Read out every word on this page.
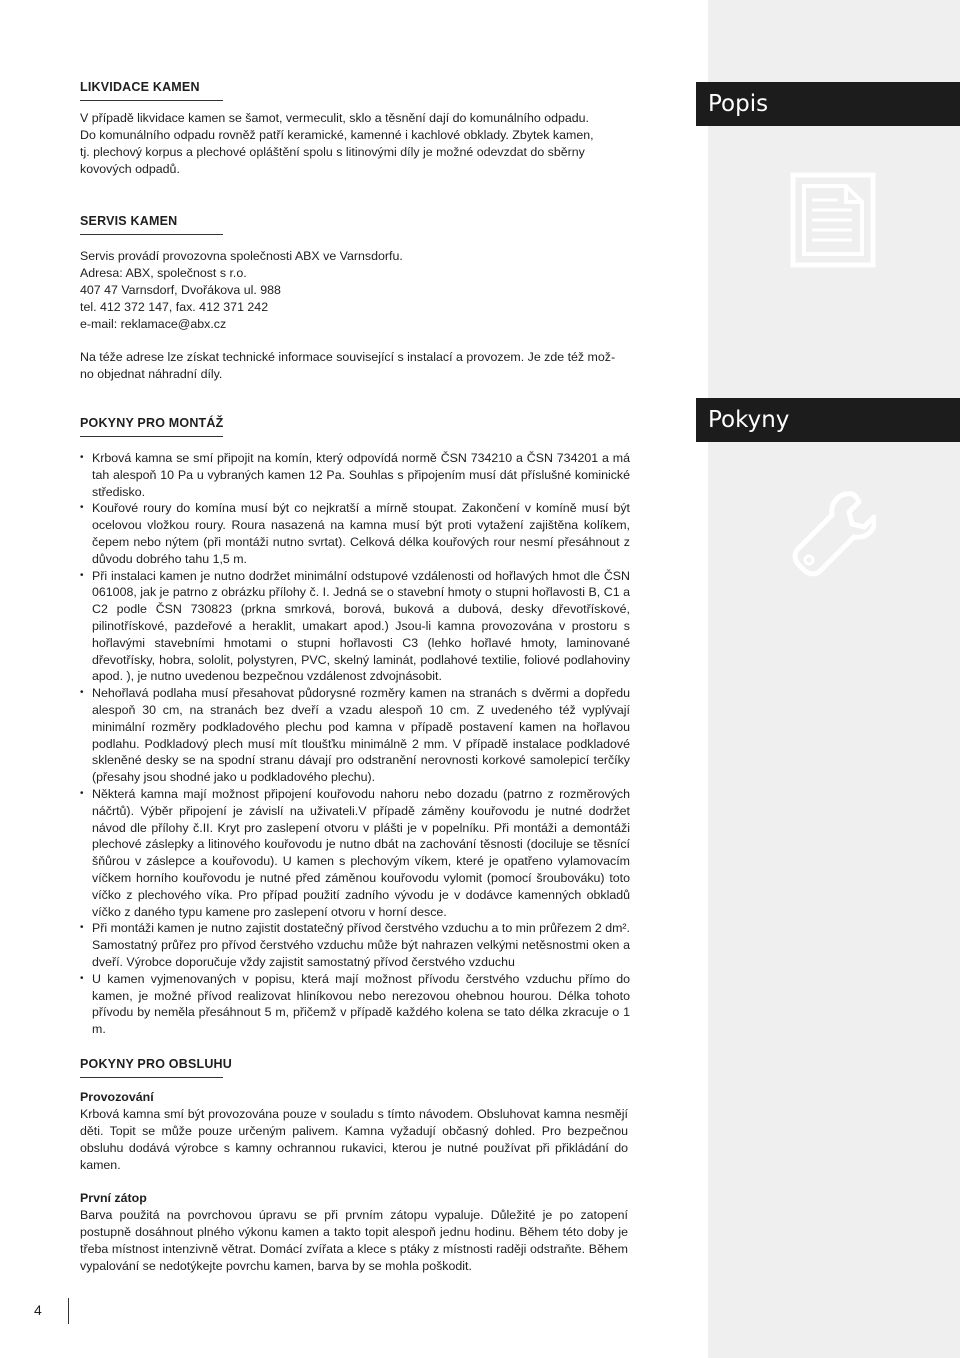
Popis
Pokyny
LIKVIDACE KAMEN

V případě likvidace kamen se šamot, vermeculit, sklo a těsnění dají do komunálního odpadu.
Do komunálního odpadu rovněž patří keramické, kamenné i kachlové obklady. Zbytek kamen,
tj. plechový korpus a plechové opláštění spolu s litinovými díly je možné odevzdat do sběrny
kovových odpadů.

SERVIS KAMEN

Servis provádí provozovna společnosti ABX ve Varnsdorfu.
Adresa: ABX, společnost s r.o.
407 47 Varnsdorf, Dvořákova ul. 988
tel. 412 372 147, fax. 412 371 242
e-mail: reklamace@abx.cz

Na téže adrese lze získat technické informace související s instalací a provozem. Je zde též mož-
no objednat náhradní díly.

POKYNY PRO MONTÁŽ
• Krbová kamna se smí připojit na komín, který odpovídá normě ČSN 734210 a ČSN 734201 a má tah alespoň 10 Pa u vybraných kamen 12 Pa. Souhlas s připojením musí dát příslušné kominické středisko.
• Kouřové roury do komína musí být co nejkratší a mírně stoupat. Zakončení v komíně musí být ocelovou vložkou roury. Roura nasazená na kamna musí být proti vytažení zajištěna kolíkem, čepem nebo nýtem (při montáži nutno svrtat). Celková délka kouřových rour nesmí přesáhnout z důvodu dobrého tahu 1,5 m.
• Při instalaci kamen je nutno dodržet minimální odstupové vzdálenosti od hořlavých hmot dle ČSN 061008, jak je patrno z obrázku přílohy č. I. Jedná se o stavební hmoty o stupni hořlavosti B, C1 a C2 podle ČSN 730823 (prkna smrková, borová, buková a dubová, desky dřevotřískové, pilinotřískové, pazdeřové a heraklit, umakart apod.) Jsou-li kamna provozována v prostoru s hořlavými stavebními hmotami o stupni hořlavosti C3 (lehko hořlavé hmoty, laminované dřevotřísky, hobra, sololit, polystyren, PVC, skelný laminát, podlahové textilie, foliové podlahoviny apod. ), je nutno uvedenou bezpečnou vzdálenost zdvojnásobit.
• Nehořlavá podlaha musí přesahovat půdorysné rozměry kamen na stranách s dvěrmi a dopředu alespoň 30 cm, na stranách bez dveří a vzadu alespoň 10 cm. Z uvedeného též vyplývají minimální rozměry podkladového plechu pod kamna v případě postavení kamen na hořlavou podlahu. Podkladový plech musí mít tloušťku minimálně 2 mm. V případě instalace podkladové skleněné desky se na spodní stranu dávají pro odstranění nerovnosti korkové samolepicí terčíky (přesahy jsou shodné jako u podkladového plechu).
• Některá kamna mají možnost připojení kouřovodu nahoru nebo dozadu (patrno z rozměrových náčrtů). Výběr připojení je závislí na uživateli.V případě záměny kouřovodu je nutné dodržet návod dle přílohy č.II. Kryt pro zaslepení otvoru v plášti je v popelníku. Při montáži a demontáži plechové záslepky a litinového kouřovodu je nutno dbát na zachování těsnosti (dociluje se těsnící šňůrou v záslepce a kouřovodu). U kamen s plechovým víkem, které je opatřeno vylamovacím víčkem horního kouřovodu je nutné před záměnou kouřovodu vylomit (pomocí šroubováku) toto víčko z plechového víka. Pro případ použití zadního vývodu je v dodávce kamenných obkladů víčko z daného typu kamene pro zaslepení otvoru v horní desce.
• Při montáži kamen je nutno zajistit dostatečný přívod čerstvého vzduchu a to min průřezem 2 dm². Samostatný průřez pro přívod čerstvého vzduchu může být nahrazen velkými netěsnostmi oken a dveří. Výrobce doporučuje vždy zajistit samostatný přívod čerstvého vzduchu
• U kamen vyjmenovaných v popisu, která mají možnost přívodu čerstvého vzduchu přímo do kamen, je možné přívod realizovat hliníkovou nebo nerezovou ohebnou hourou. Délka tohoto přívodu by neměla přesáhnout 5 m, přičemž v případě každého kolena se tato délka zkracuje o 1 m.
POKYNY PRO OBSLUHU

Provozování
Krbová kamna smí být provozována pouze v souladu s tímto návodem. Obsluhovat kamna nesmějí děti. Topit se může pouze určeným palivem. Kamna vyžadují občasný dohled. Pro bezpečnou obsluhu dodává výrobce s kamny ochrannou rukavici, kterou je nutné používat při přikládání do kamen.

První zátop
Barva použitá na povrchovou úpravu se při prvním zátopu vypaluje. Důležité je po zatopení postupně dosáhnout plného výkonu kamen a takto topit alespoň jednu hodinu. Během této doby je třeba místnost intenzivně větrat. Domácí zvířata a klece s ptáky z místnosti raději odstraňte. Během vypalování se nedotýkejte povrchu kamen, barva by se mohla poškodit.

4
